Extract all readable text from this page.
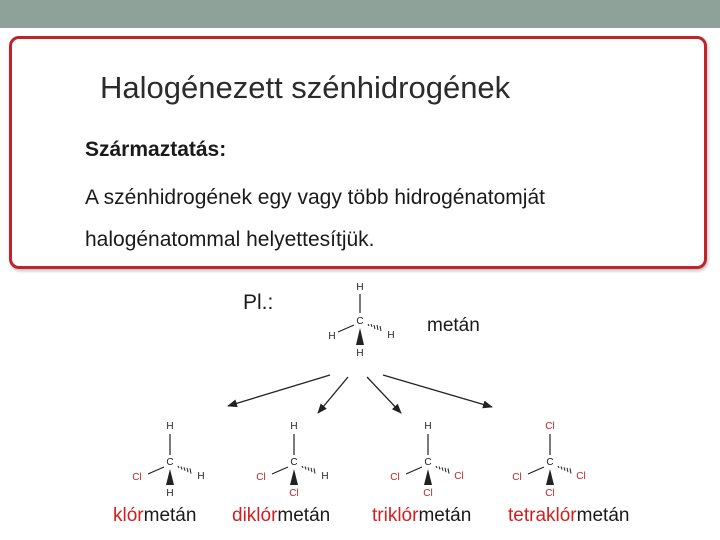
Halogénezett szénhidrogének
Származtatás:
A szénhidrogének egy vagy több hidrogénatomját
halogénatommal helyettesítjük.
Pl.:
metán
H
C
H	H
H
H
C
Cl	H
H
H
C
Cl	H
Cl
H
C
Cl	Cl
Cl
Cl
C
Cl	Cl
Cl
klórmetán diklórmetán triklórmetán tetraklórmetán
